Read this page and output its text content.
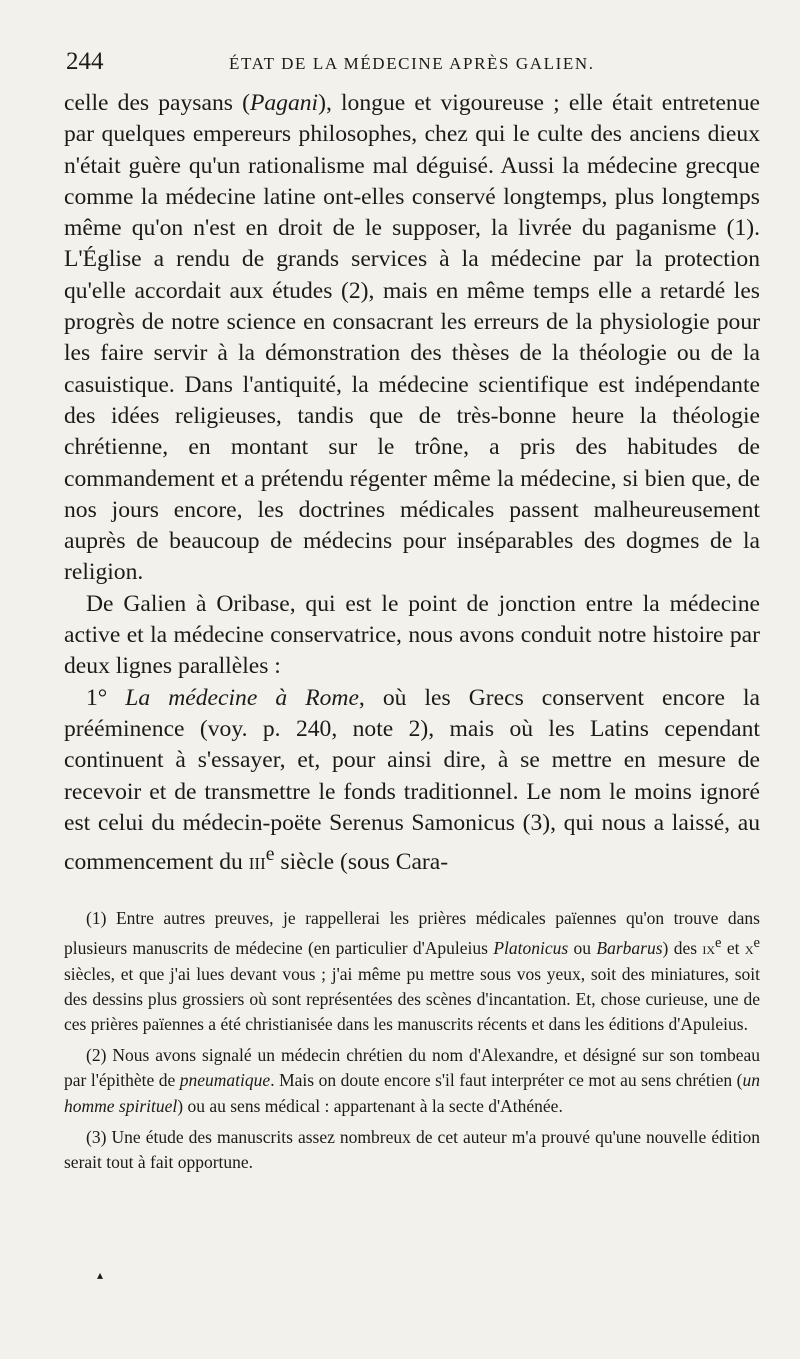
244	ÉTAT DE LA MÉDECINE APRÈS GALIEN.

celle des paysans (Pagani), longue et vigoureuse ; elle était entretenue par quelques empereurs philosophes, chez qui le culte des anciens dieux n'était guère qu'un rationalisme mal déguisé. Aussi la médecine grecque comme la médecine latine ont-elles conservé longtemps, plus longtemps même qu'on n'est en droit de le supposer, la livrée du paganisme (1). L'Église a rendu de grands services à la médecine par la protection qu'elle accordait aux études (2), mais en même temps elle a retardé les progrès de notre science en consacrant les erreurs de la physiologie pour les faire servir à la démonstration des thèses de la théologie ou de la casuistique. Dans l'antiquité, la médecine scientifique est indépendante des idées religieuses, tandis que de très-bonne heure la théologie chrétienne, en montant sur le trône, a pris des habitudes de commandement et a prétendu régenter même la médecine, si bien que, de nos jours encore, les doctrines médicales passent malheureusement auprès de beaucoup de médecins pour inséparables des dogmes de la religion.

De Galien à Oribase, qui est le point de jonction entre la médecine active et la médecine conservatrice, nous avons conduit notre histoire par deux lignes parallèles :

1° La médecine à Rome, où les Grecs conservent encore la prééminence (voy. p. 240, note 2), mais où les Latins cependant continuent à s'essayer, et, pour ainsi dire, à se mettre en mesure de recevoir et de transmettre le fonds traditionnel. Le nom le moins ignoré est celui du médecin-poëte Serenus Samonicus (3), qui nous a laissé, au commencement du iii$^e$ siècle (sous Cara-

(1) Entre autres preuves, je rappellerai les prières médicales païennes qu'on trouve dans plusieurs manuscrits de médecine (en particulier d'Apuleius Platonicus ou Barbarus) des $ix^e$ et $x^e$ siècles, et que j'ai lues devant vous ; j'ai même pu mettre sous vos yeux, soit des miniatures, soit des dessins plus grossiers où sont représentées des scènes d'incantation. Et, chose curieuse, une de ces prières païennes a été christianisée dans les manuscrits récents et dans les éditions d'Apuleius.

(2) Nous avons signalé un médecin chrétien du nom d'Alexandre, et désigné sur son tombeau par l'épithète de pneumatique. Mais on doute encore s'il faut interpréter ce mot au sens chrétien (un homme spirituel) ou au sens médical : appartenant à la secte d'Athénée.

(3) Une étude des manuscrits assez nombreux de cet auteur m'a prouvé qu'une nouvelle édition serait tout à fait opportune.

▴
